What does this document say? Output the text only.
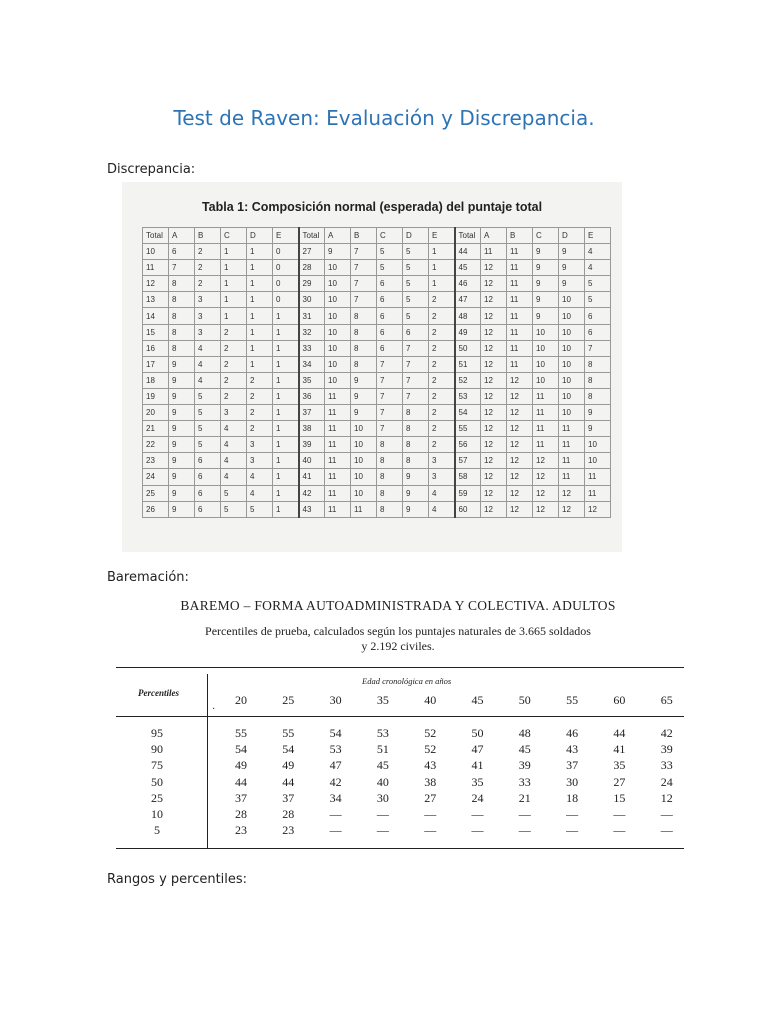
Test de Raven: Evaluación y Discrepancia.
Discrepancia:
Tabla 1: Composición normal (esperada) del puntaje total
Total	A	B	C	D	E	Total	A	B	C	D	E	Total	A	B	C	D	E
10	6	2	1	1	0	27	9	7	5	5	1	44	11	11	9	9	4
11	7	2	1	1	0	28	10	7	5	5	1	45	12	11	9	9	4
12	8	2	1	1	0	29	10	7	6	5	1	46	12	11	9	9	5
13	8	3	1	1	0	30	10	7	6	5	2	47	12	11	9	10	5
14	8	3	1	1	1	31	10	8	6	5	2	48	12	11	9	10	6
15	8	3	2	1	1	32	10	8	6	6	2	49	12	11	10	10	6
16	8	4	2	1	1	33	10	8	6	7	2	50	12	11	10	10	7
17	9	4	2	1	1	34	10	8	7	7	2	51	12	11	10	10	8
18	9	4	2	2	1	35	10	9	7	7	2	52	12	12	10	10	8
19	9	5	2	2	1	36	11	9	7	7	2	53	12	12	11	10	8
20	9	5	3	2	1	37	11	9	7	8	2	54	12	12	11	10	9
21	9	5	4	2	1	38	11	10	7	8	2	55	12	12	11	11	9
22	9	5	4	3	1	39	11	10	8	8	2	56	12	12	11	11	10
23	9	6	4	3	1	40	11	10	8	8	3	57	12	12	12	11	10
24	9	6	4	4	1	41	11	10	8	9	3	58	12	12	12	11	11
25	9	6	5	4	1	42	11	10	8	9	4	59	12	12	12	12	11
26	9	6	5	5	1	43	11	11	8	9	4	60	12	12	12	12	12
Baremación:
BAREMO – FORMA AUTOADMINISTRADA Y COLECTIVA. ADULTOS
Percentiles de prueba, calculados según los puntajes naturales de 3.665 soldados
y 2.192 civiles.
Edad cronológica en años
Percentiles
·
20	25	30	35	40	45	50	55	60	65
95	55	55	54	53	52	50	48	46	44	42
90	54	54	53	51	52	47	45	43	41	39
75	49	49	47	45	43	41	39	37	35	33
50	44	44	42	40	38	35	33	30	27	24
25	37	37	34	30	27	24	21	18	15	12
10	28	28	—	—	—	—	—	—	—	—
5	23	23	—	—	—	—	—	—	—	—
Rangos y percentiles:
